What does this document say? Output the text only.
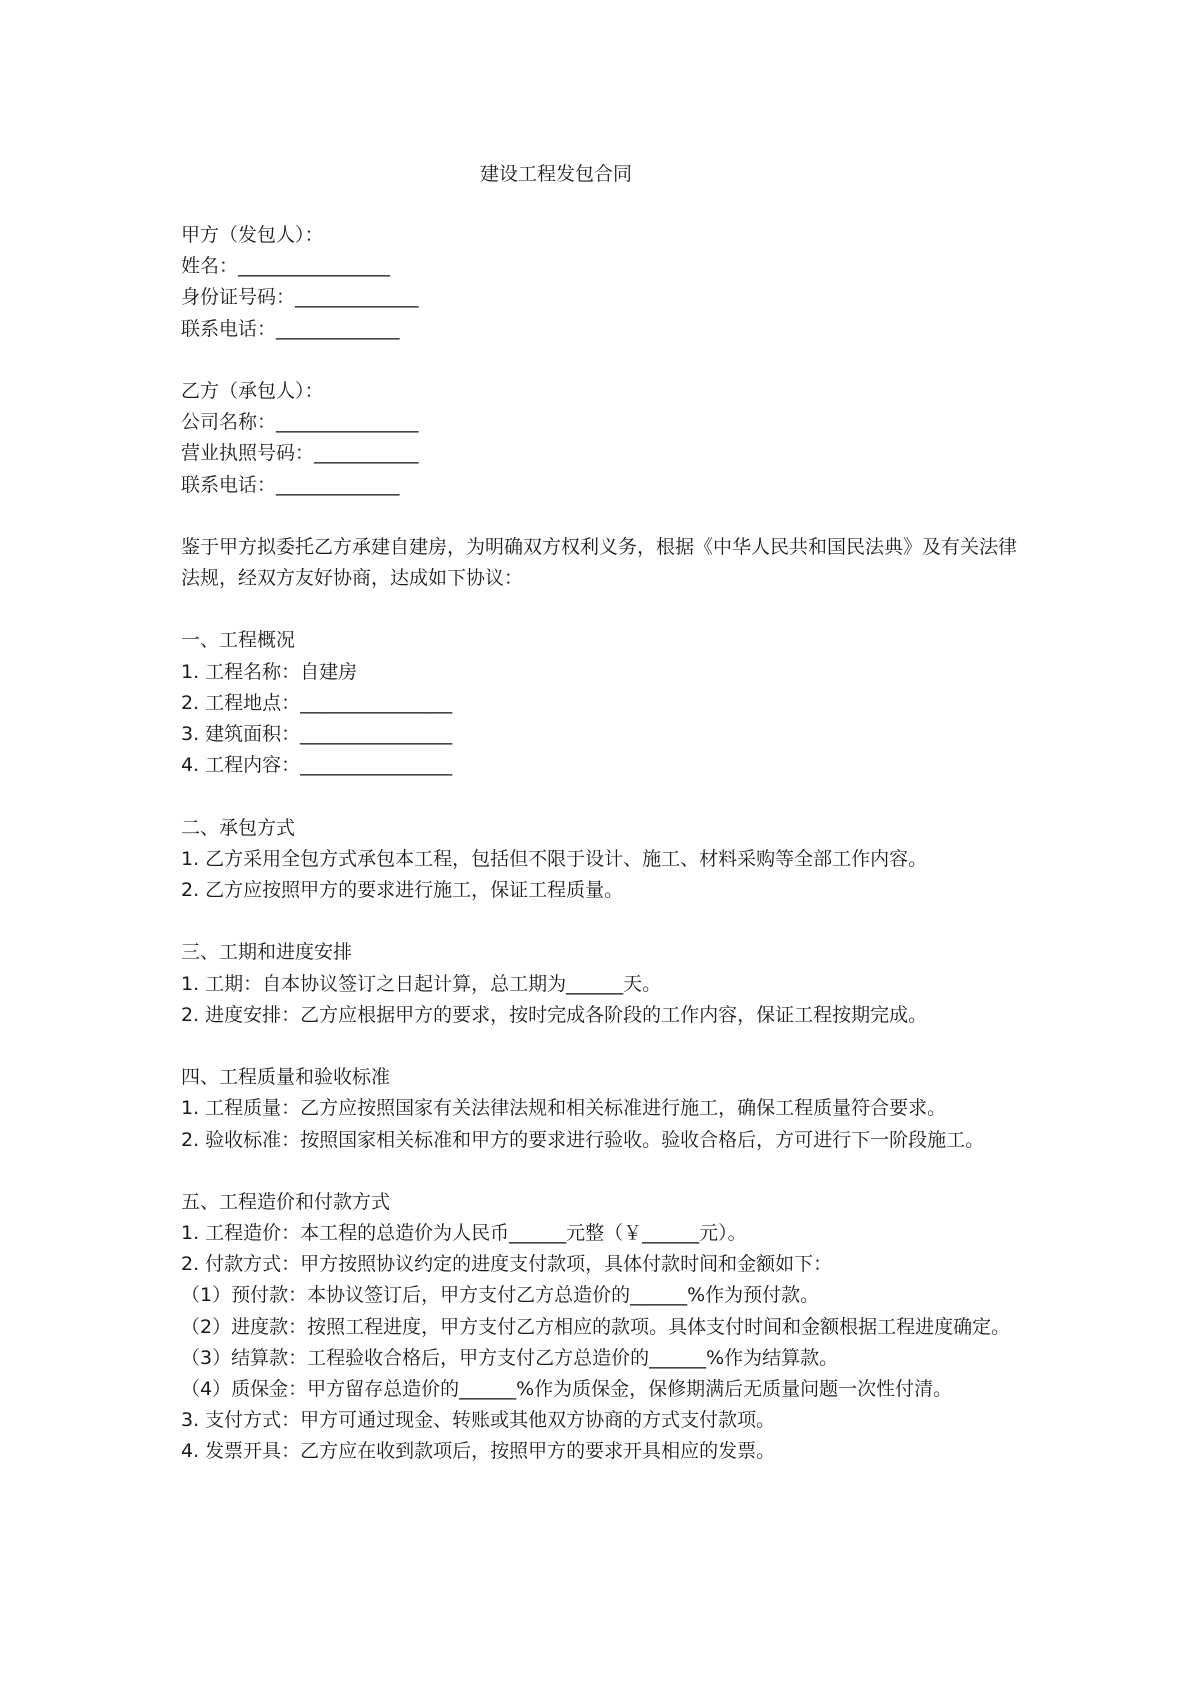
建设工程发包合同
甲方（发包人）：
姓名：________________
身份证号码：_____________
联系电话：_____________
乙方（承包人）：
公司名称：_______________
营业执照号码：___________
联系电话：_____________
鉴于甲方拟委托乙方承建自建房，为明确双方权利义务，根据《中华人民共和国民法典》及有关法律法规，经双方友好协商，达成如下协议：
一、工程概况
1. 工程名称：自建房
2. 工程地点：________________
3. 建筑面积：________________
4. 工程内容：________________
二、承包方式
1. 乙方采用全包方式承包本工程，包括但不限于设计、施工、材料采购等全部工作内容。
2. 乙方应按照甲方的要求进行施工，保证工程质量。
三、工期和进度安排
1. 工期：自本协议签订之日起计算，总工期为______天。
2. 进度安排：乙方应根据甲方的要求，按时完成各阶段的工作内容，保证工程按期完成。
四、工程质量和验收标准
1. 工程质量：乙方应按照国家有关法律法规和相关标准进行施工，确保工程质量符合要求。
2. 验收标准：按照国家相关标准和甲方的要求进行验收。验收合格后，方可进行下一阶段施工。
五、工程造价和付款方式
1. 工程造价：本工程的总造价为人民币______元整（￥______元）。
2. 付款方式：甲方按照协议约定的进度支付款项，具体付款时间和金额如下：
（1）预付款：本协议签订后，甲方支付乙方总造价的______%作为预付款。
（2）进度款：按照工程进度，甲方支付乙方相应的款项。具体支付时间和金额根据工程进度确定。
（3）结算款：工程验收合格后，甲方支付乙方总造价的______%作为结算款。
（4）质保金：甲方留存总造价的______%作为质保金，保修期满后无质量问题一次性付清。
3. 支付方式：甲方可通过现金、转账或其他双方协商的方式支付款项。
4. 发票开具：乙方应在收到款项后，按照甲方的要求开具相应的发票。
